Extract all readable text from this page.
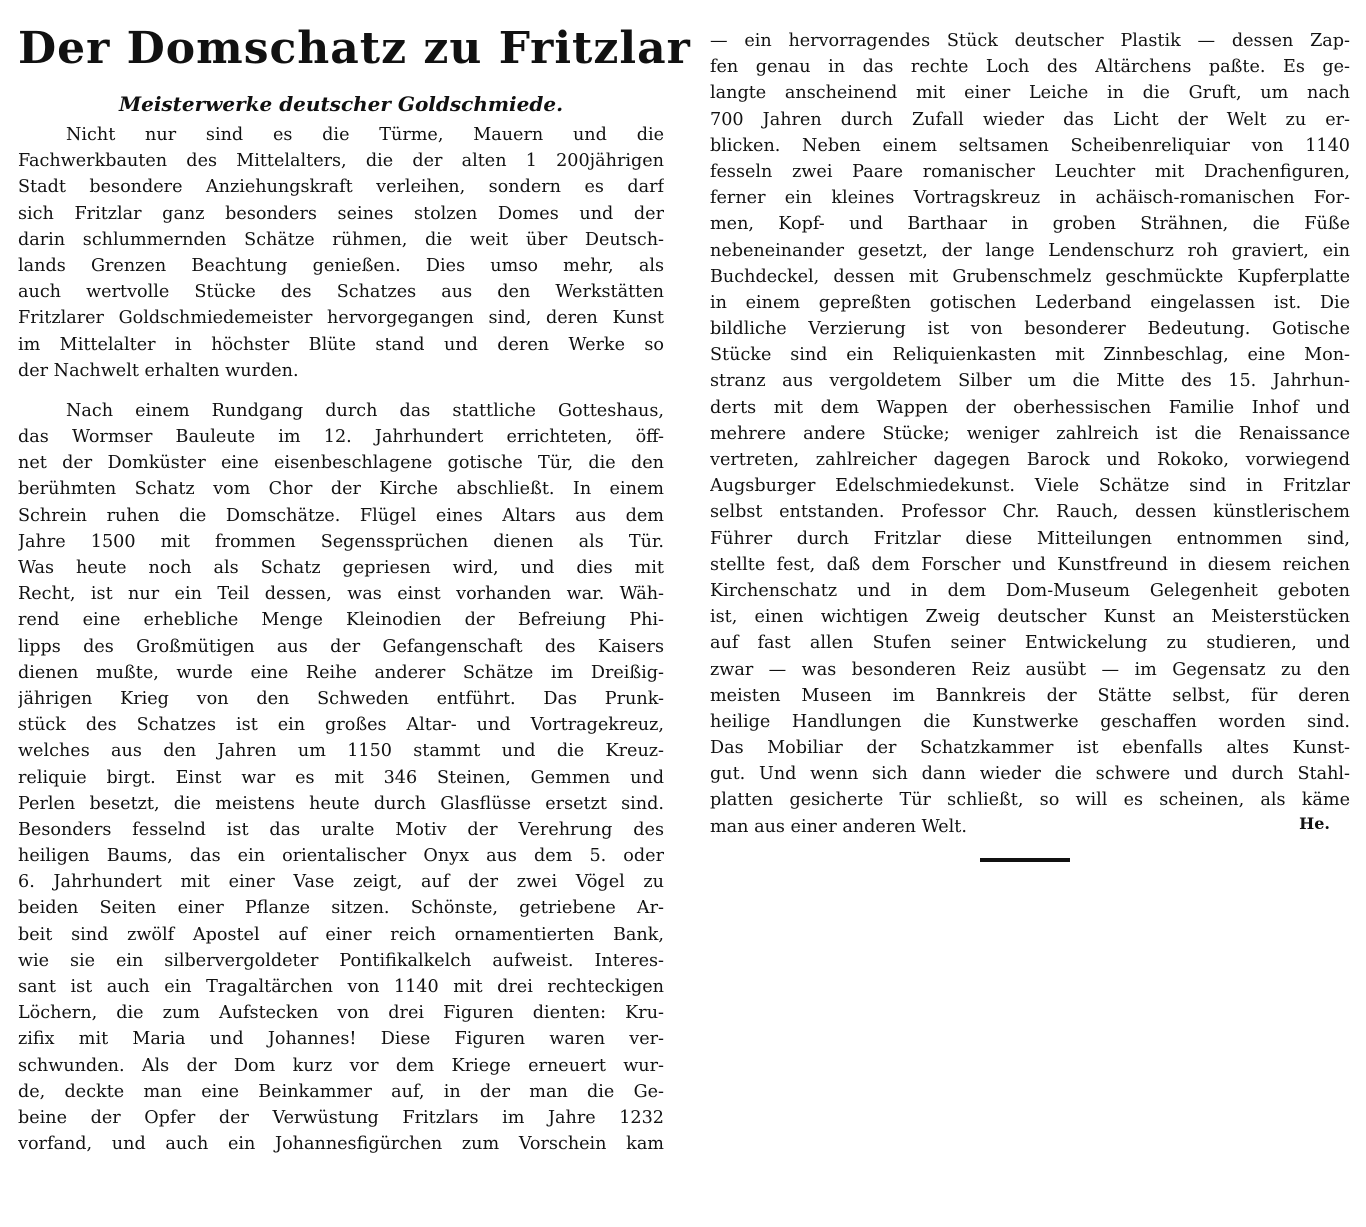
Der Domschatz zu Fritzlar
Meisterwerke deutscher Goldschmiede.
Nicht nur sind es die Türme, Mauern und die
Fachwerkbauten des Mittelalters, die der alten 1 200jährigen
Stadt besondere Anziehungskraft verleihen, sondern es darf
sich Fritzlar ganz besonders seines stolzen Domes und der
darin schlummernden Schätze rühmen, die weit über Deutsch-
lands Grenzen Beachtung genießen. Dies umso mehr, als
auch wertvolle Stücke des Schatzes aus den Werkstätten
Fritzlarer Goldschmiedemeister hervorgegangen sind, deren Kunst
im Mittelalter in höchster Blüte stand und deren Werke so
der Nachwelt erhalten wurden.
Nach einem Rundgang durch das stattliche Gotteshaus,
das Wormser Bauleute im 12. Jahrhundert errichteten, öff-
net der Domküster eine eisenbeschlagene gotische Tür, die den
berühmten Schatz vom Chor der Kirche abschließt. In einem
Schrein ruhen die Domschätze. Flügel eines Altars aus dem
Jahre 1500 mit frommen Segenssprüchen dienen als Tür.
Was heute noch als Schatz gepriesen wird, und dies mit
Recht, ist nur ein Teil dessen, was einst vorhanden war. Wäh-
rend eine erhebliche Menge Kleinodien der Befreiung Phi-
lipps des Großmütigen aus der Gefangenschaft des Kaisers
dienen mußte, wurde eine Reihe anderer Schätze im Dreißig-
jährigen Krieg von den Schweden entführt. Das Prunk-
stück des Schatzes ist ein großes Altar- und Vortragekreuz,
welches aus den Jahren um 1150 stammt und die Kreuz-
reliquie birgt. Einst war es mit 346 Steinen, Gemmen und
Perlen besetzt, die meistens heute durch Glasflüsse ersetzt sind.
Besonders fesselnd ist das uralte Motiv der Verehrung des
heiligen Baums, das ein orientalischer Onyx aus dem 5. oder
6. Jahrhundert mit einer Vase zeigt, auf der zwei Vögel zu
beiden Seiten einer Pflanze sitzen. Schönste, getriebene Ar-
beit sind zwölf Apostel auf einer reich ornamentierten Bank,
wie sie ein silbervergoldeter Pontifikalkelch aufweist. Interes-
sant ist auch ein Tragaltärchen von 1140 mit drei rechteckigen
Löchern, die zum Aufstecken von drei Figuren dienten: Kru-
zifix mit Maria und Johannes! Diese Figuren waren ver-
schwunden. Als der Dom kurz vor dem Kriege erneuert wur-
de, deckte man eine Beinkammer auf, in der man die Ge-
beine der Opfer der Verwüstung Fritzlars im Jahre 1232
vorfand, und auch ein Johannesfigürchen zum Vorschein kam
— ein hervorragendes Stück deutscher Plastik — dessen Zap-
fen genau in das rechte Loch des Altärchens paßte. Es ge-
langte anscheinend mit einer Leiche in die Gruft, um nach
700 Jahren durch Zufall wieder das Licht der Welt zu er-
blicken. Neben einem seltsamen Scheibenreliquiar von 1140
fesseln zwei Paare romanischer Leuchter mit Drachenfiguren,
ferner ein kleines Vortragskreuz in achäisch-romanischen For-
men, Kopf- und Barthaar in groben Strähnen, die Füße
nebeneinander gesetzt, der lange Lendenschurz roh graviert, ein
Buchdeckel, dessen mit Grubenschmelz geschmückte Kupferplatte
in einem gepreßten gotischen Lederband eingelassen ist. Die
bildliche Verzierung ist von besonderer Bedeutung. Gotische
Stücke sind ein Reliquienkasten mit Zinnbeschlag, eine Mon-
stranz aus vergoldetem Silber um die Mitte des 15. Jahrhun-
derts mit dem Wappen der oberhessischen Familie Inhof und
mehrere andere Stücke; weniger zahlreich ist die Renaissance
vertreten, zahlreicher dagegen Barock und Rokoko, vorwiegend
Augsburger Edelschmiedekunst. Viele Schätze sind in Fritzlar
selbst entstanden. Professor Chr. Rauch, dessen künstlerischem
Führer durch Fritzlar diese Mitteilungen entnommen sind,
stellte fest, daß dem Forscher und Kunstfreund in diesem reichen
Kirchenschatz und in dem Dom-Museum Gelegenheit geboten
ist, einen wichtigen Zweig deutscher Kunst an Meisterstücken
auf fast allen Stufen seiner Entwickelung zu studieren, und
zwar — was besonderen Reiz ausübt — im Gegensatz zu den
meisten Museen im Bannkreis der Stätte selbst, für deren
heilige Handlungen die Kunstwerke geschaffen worden sind.
Das Mobiliar der Schatzkammer ist ebenfalls altes Kunst-
gut. Und wenn sich dann wieder die schwere und durch Stahl-
platten gesicherte Tür schließt, so will es scheinen, als käme
man aus einer anderen Welt.	He.
